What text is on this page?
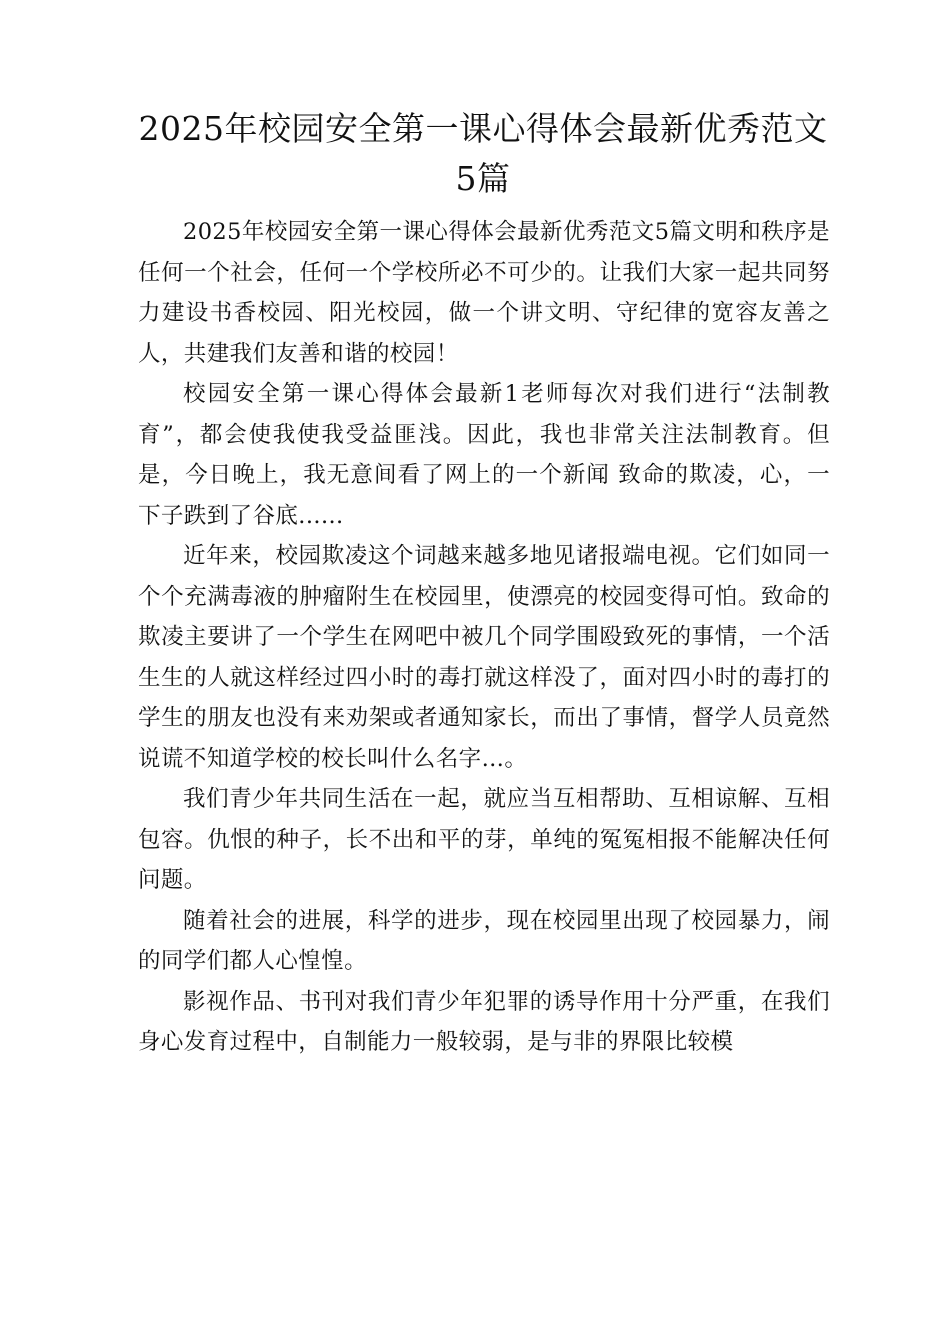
2025年校园安全第一课心得体会最新优秀范文5篇

2025年校园安全第一课心得体会最新优秀范文5篇文明和秩序是任何一个社会，任何一个学校所必不可少的。让我们大家一起共同努力建设书香校园、阳光校园，做一个讲文明、守纪律的宽容友善之人，共建我们友善和谐的校园！

校园安全第一课心得体会最新1老师每次对我们进行“法制教育”，都会使我使我受益匪浅。因此，我也非常关注法制教育。但是，今日晚上，我无意间看了网上的一个新闻 致命的欺凌，心，一下子跌到了谷底......

近年来，校园欺凌这个词越来越多地见诸报端电视。它们如同一个个充满毒液的肿瘤附生在校园里，使漂亮的校园变得可怕。致命的欺凌主要讲了一个学生在网吧中被几个同学围殴致死的事情，一个活生生的人就这样经过四小时的毒打就这样没了，面对四小时的毒打的学生的朋友也没有来劝架或者通知家长，而出了事情，督学人员竟然说谎不知道学校的校长叫什么名字…。

我们青少年共同生活在一起，就应当互相帮助、互相谅解、互相包容。仇恨的种子，长不出和平的芽，单纯的冤冤相报不能解决任何问题。

随着社会的进展，科学的进步，现在校园里出现了校园暴力，闹的同学们都人心惶惶。

影视作品、书刊对我们青少年犯罪的诱导作用十分严重，在我们身心发育过程中，自制能力一般较弱，是与非的界限比较模
